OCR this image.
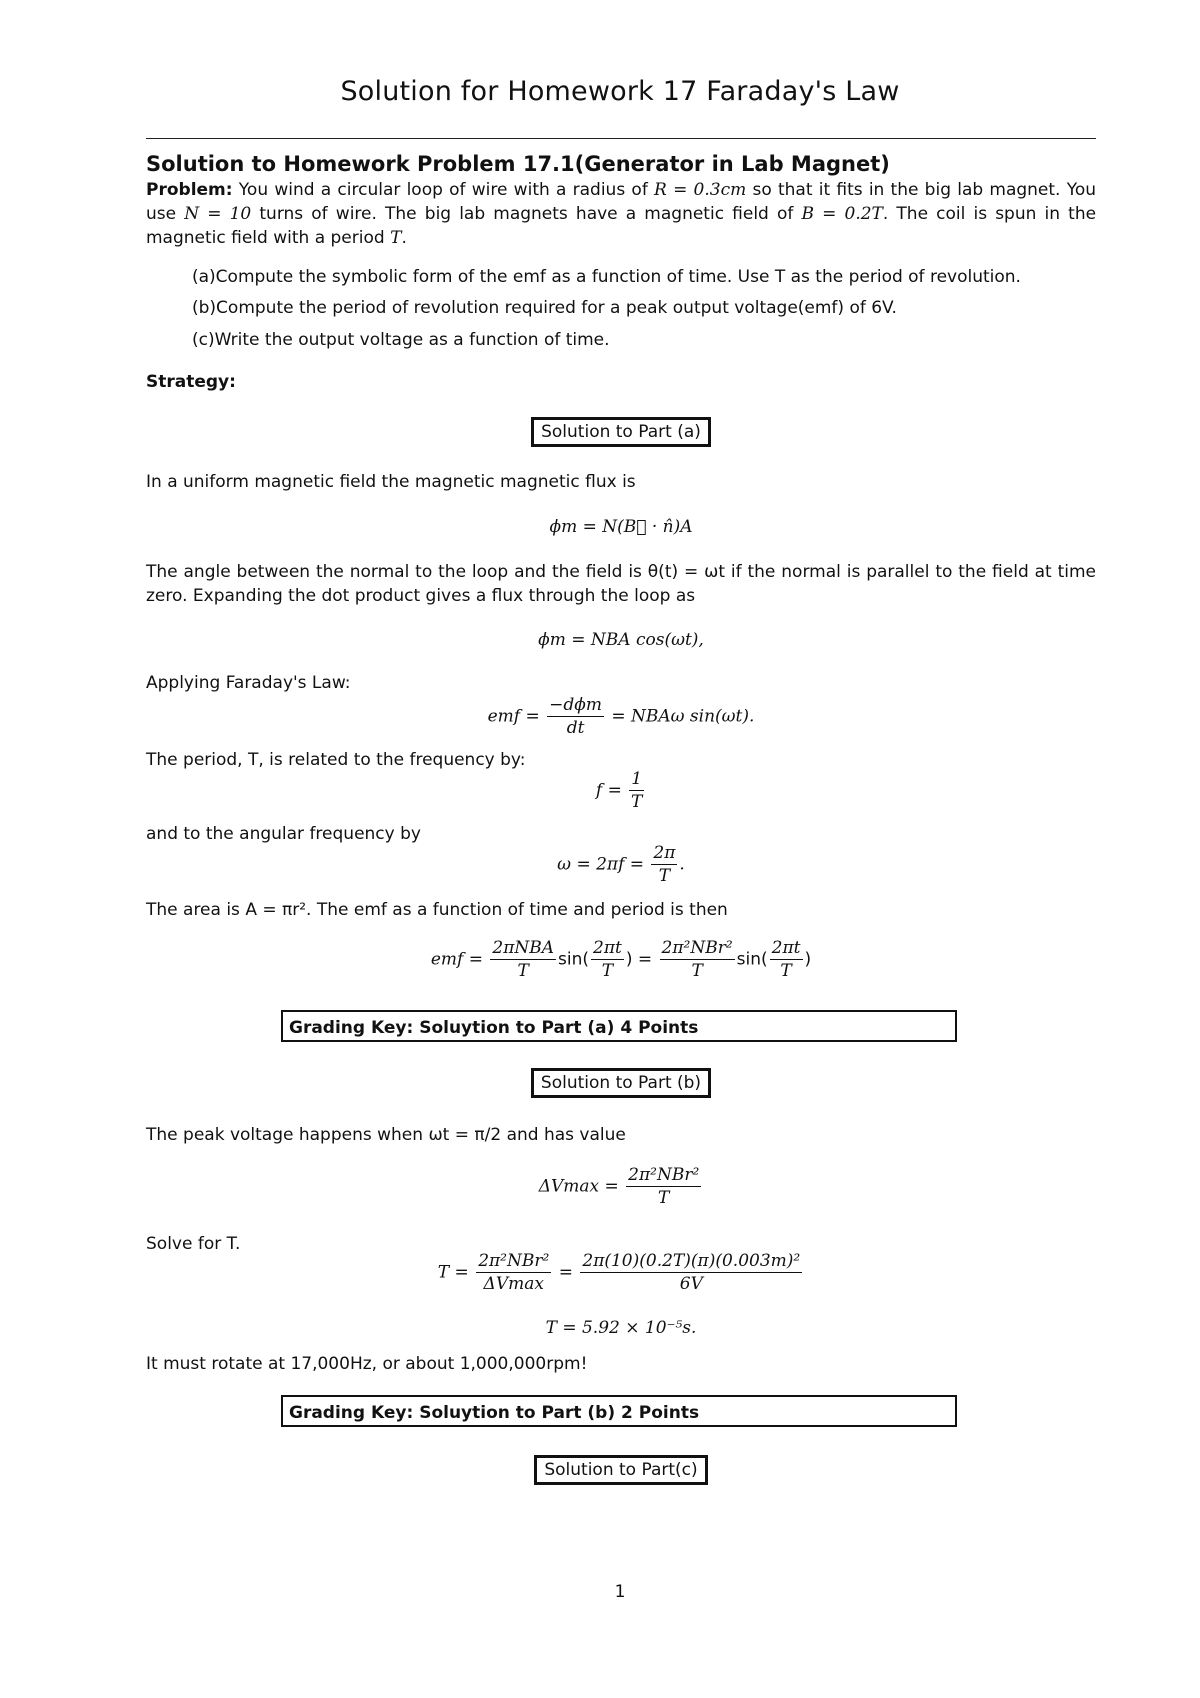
Solution for Homework 17 Faraday's Law
Solution to Homework Problem 17.1(Generator in Lab Magnet)
Problem: You wind a circular loop of wire with a radius of R = 0.3cm so that it fits in the big lab magnet. You use N = 10 turns of wire. The big lab magnets have a magnetic field of B = 0.2T. The coil is spun in the magnetic field with a period T.
(a)Compute the symbolic form of the emf as a function of time. Use T as the period of revolution.
(b)Compute the period of revolution required for a peak output voltage(emf) of 6V.
(c)Write the output voltage as a function of time.
Strategy:
Solution to Part (a)
In a uniform magnetic field the magnetic magnetic flux is
ϕm = N(B⃗ · n̂)A
The angle between the normal to the loop and the field is θ(t) = ωt if the normal is parallel to the field at time zero. Expanding the dot product gives a flux through the loop as
ϕm = NBA cos(ωt),
Applying Faraday's Law:
emf = $\frac{\text{−dϕm}}{dt} = NBA\omega$ sin(ωt).
The period, T, is related to the frequency by:
$f = \frac{1}{T}$
and to the angular frequency by
$\omega = 2\pi f = \frac{2\pi}{T}$ .
The area is A = πr². The emf as a function of time and period is then
emf = $\frac{\text{2πNBA}}{T} \sin( \frac{2\pi t}{T}$ ) = $\frac{\text{2π²NBr²}}{T} \sin( \frac{2\pi t}{T}$ )
Grading Key: Soluytion to Part (a) 4 Points
Solution to Part (b)
The peak voltage happens when ωt = π/2 and has value
$\Delta Vmax = \frac{\text{2π²NBr²}}{T}$
Solve for T.
$T = \frac{\text{2π²NBr²}}{\Delta Vmax} = \frac{\text{2π(10)(0.2T)(π)(0.003m)²}}{6V}$
T = 5.92 × 10⁻⁵s.
It must rotate at 17,000Hz, or about 1,000,000rpm!
Grading Key: Soluytion to Part (b) 2 Points
Solution to Part(c)
1
